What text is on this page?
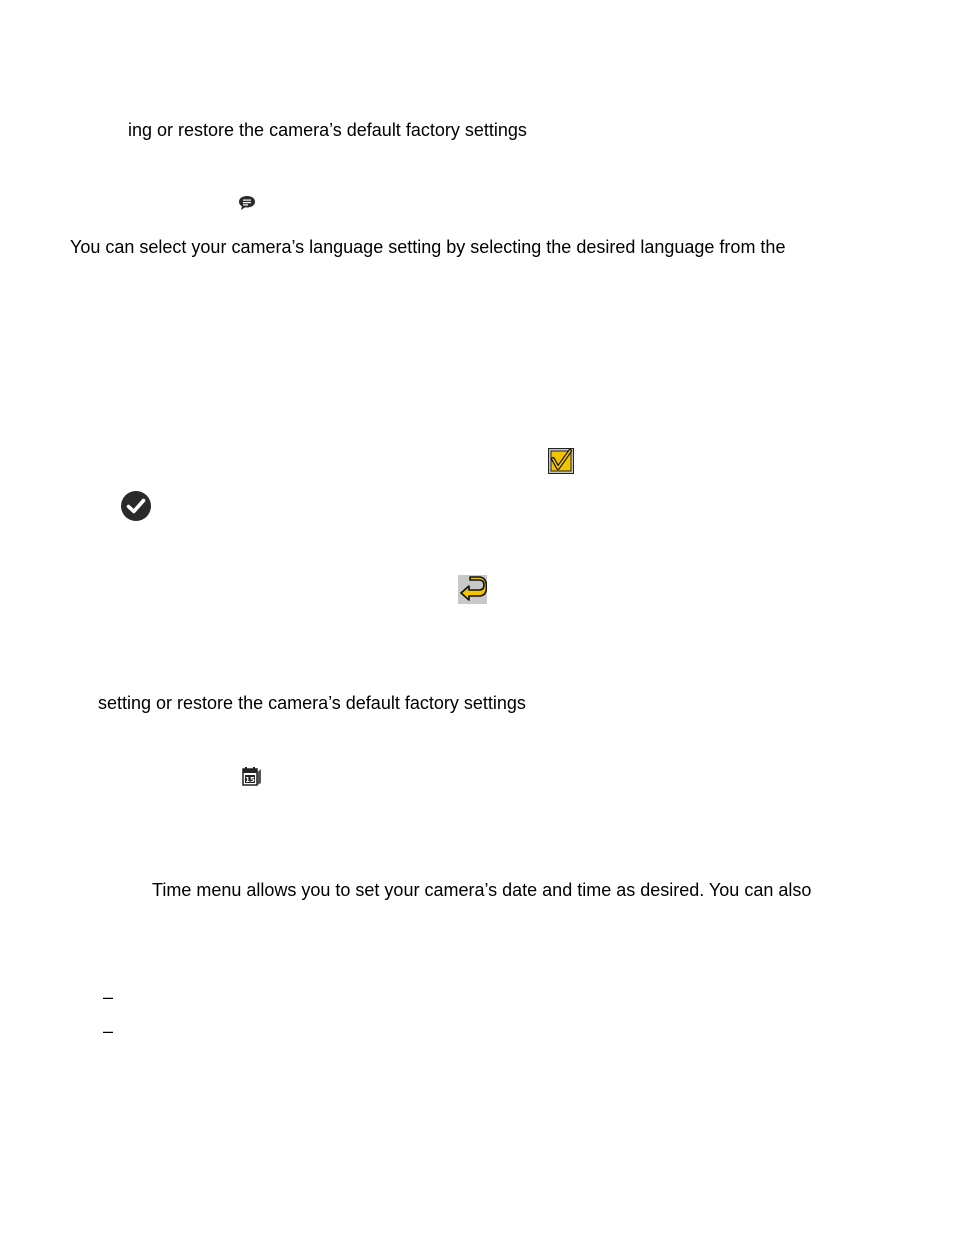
ing or restore the camera’s default factory settings
You can select your camera’s language setting by selecting the desired language from the
setting or restore the camera’s default factory settings
15
Time menu allows you to set your camera’s date and time as desired. You can also
–
–
